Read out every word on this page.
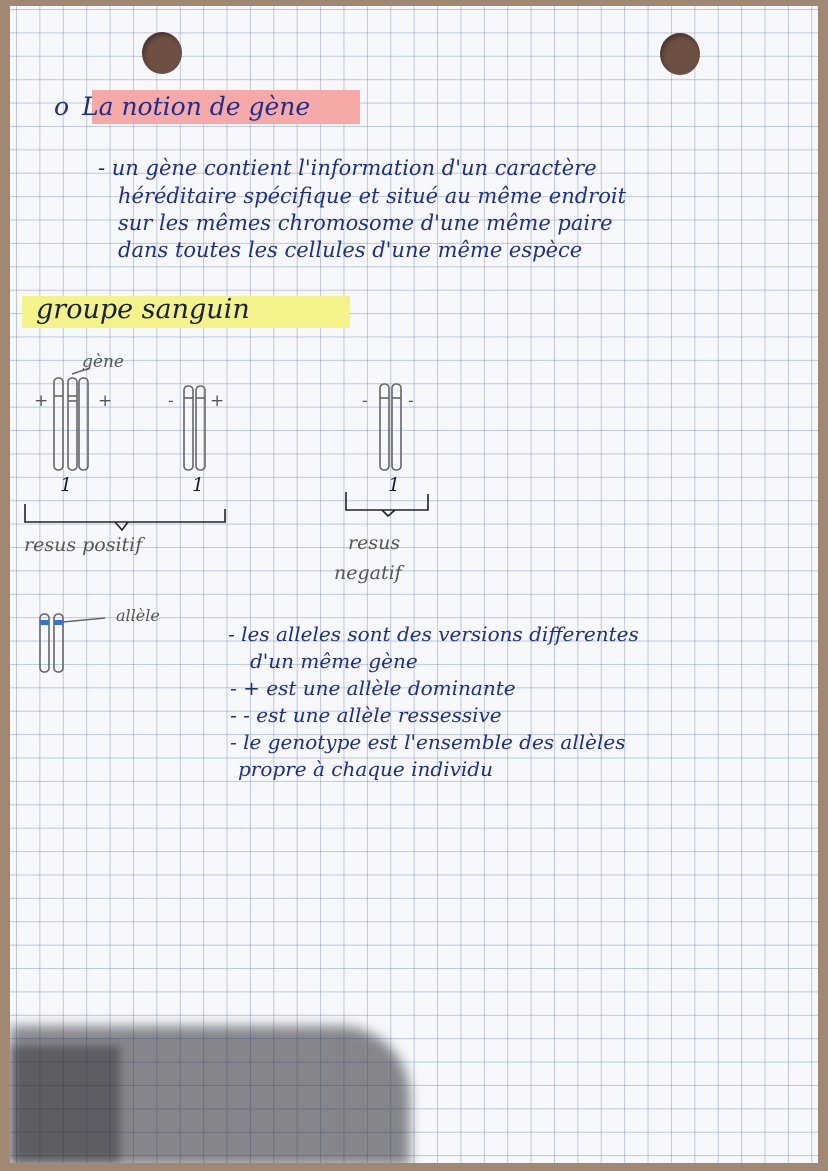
o La notion de gène
- un gène contient l'information d'un caractère
héréditaire spécifique et situé au même endroit
sur les mêmes chromosome d'une même paire
dans toutes les cellules d'une même espèce
groupe sanguin
gène
+	+	- +	- -
1	1	1
resus positif	resus
negatif
allèle
- les alleles sont des versions differentes
d'un même gène
- + est une allèle dominante
- - est une allèle ressessive
- le genotype est l'ensemble des allèles
propre à chaque individu
